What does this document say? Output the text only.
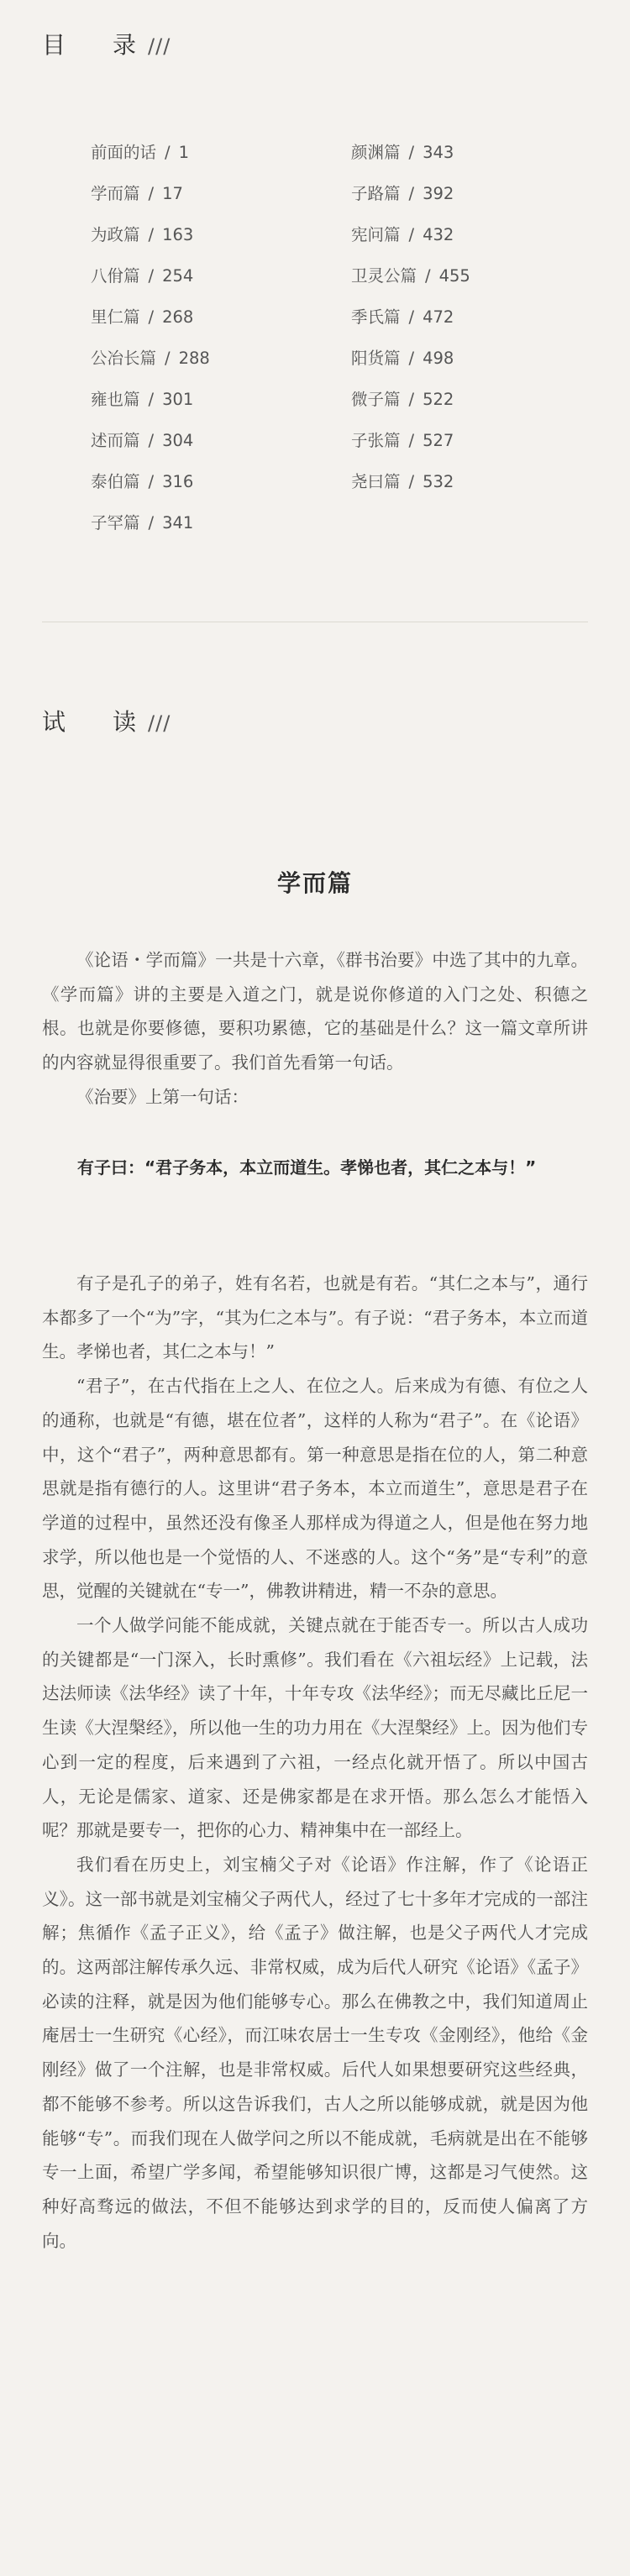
目　录///
前面的话 / 1
学而篇 / 17
为政篇 / 163
八佾篇 / 254
里仁篇 / 268
公冶长篇 / 288
雍也篇 / 301
述而篇 / 304
泰伯篇 / 316
子罕篇 / 341
颜渊篇 / 343
子路篇 / 392
宪问篇 / 432
卫灵公篇 / 455
季氏篇 / 472
阳货篇 / 498
微子篇 / 522
子张篇 / 527
尧曰篇 / 532
试　读///
学而篇

《论语・学而篇》一共是十六章，《群书治要》中选了其中的九章。《学而篇》讲的主要是入道之门，就是说你修道的入门之处、积德之根。也就是你要修德，要积功累德，它的基础是什么？这一篇文章所讲的内容就显得很重要了。我们首先看第一句话。

《治要》上第一句话：

有子曰：“君子务本，本立而道生。孝悌也者，其仁之本与！”

有子是孔子的弟子，姓有名若，也就是有若。“其仁之本与”，通行本都多了一个“为”字，“其为仁之本与”。有子说：“君子务本，本立而道生。孝悌也者，其仁之本与！”

“君子”，在古代指在上之人、在位之人。后来成为有德、有位之人的通称，也就是“有德，堪在位者”，这样的人称为“君子”。在《论语》中，这个“君子”，两种意思都有。第一种意思是指在位的人，第二种意思就是指有德行的人。这里讲“君子务本，本立而道生”，意思是君子在学道的过程中，虽然还没有像圣人那样成为得道之人，但是他在努力地求学，所以他也是一个觉悟的人、不迷惑的人。这个“务”是“专利”的意思，觉醒的关键就在“专一”，佛教讲精进，精一不杂的意思。

一个人做学问能不能成就，关键点就在于能否专一。所以古人成功的关键都是“一门深入，长时熏修”。我们看在《六祖坛经》上记载，法达法师读《法华经》读了十年，十年专攻《法华经》；而无尽藏比丘尼一生读《大涅槃经》，所以他一生的功力用在《大涅槃经》上。因为他们专心到一定的程度，后来遇到了六祖，一经点化就开悟了。所以中国古人，无论是儒家、道家、还是佛家都是在求开悟。那么怎么才能悟入呢？那就是要专一，把你的心力、精神集中在一部经上。

我们看在历史上，刘宝楠父子对《论语》作注解，作了《论语正义》。这一部书就是刘宝楠父子两代人，经过了七十多年才完成的一部注解；焦循作《孟子正义》，给《孟子》做注解，也是父子两代人才完成的。这两部注解传承久远、非常权威，成为后代人研究《论语》《孟子》必读的注释，就是因为他们能够专心。那么在佛教之中，我们知道周止庵居士一生研究《心经》，而江味农居士一生专攻《金刚经》，他给《金刚经》做了一个注解，也是非常权威。后代人如果想要研究这些经典，都不能够不参考。所以这告诉我们，古人之所以能够成就，就是因为他能够“专”。而我们现在人做学问之所以不能成就，毛病就是出在不能够专一上面，希望广学多闻，希望能够知识很广博，这都是习气使然。这种好高骛远的做法，不但不能够达到求学的目的，反而使人偏离了方向。
